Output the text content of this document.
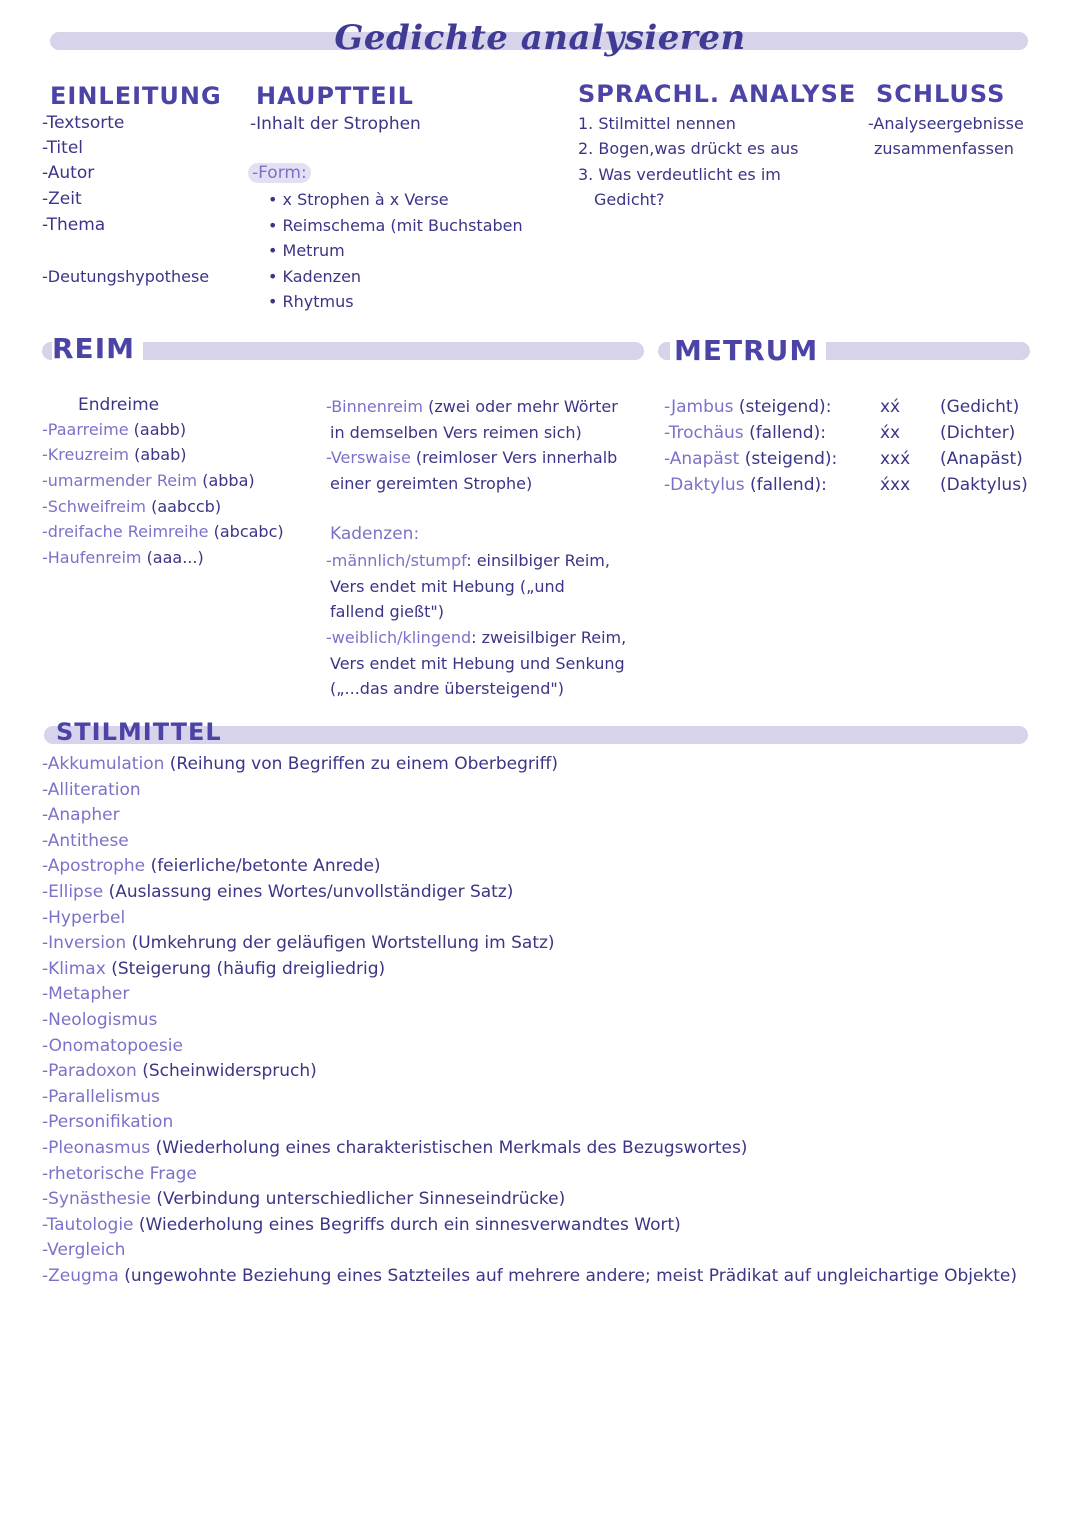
Gedichte analysieren
EINLEITUNG
-Textsorte
-Titel
-Autor
-Zeit
-Thema
-Deutungshypothese
HAUPTTEIL
-Inhalt der Strophen
-Form:
• x Strophen à x Verse
• Reimschema (mit Buchstaben
• Metrum
• Kadenzen
• Rhytmus
SPRACHL. ANALYSE
1. Stilmittel nennen
2. Bogen,was drückt es aus
3. Was verdeutlicht es im
Gedicht?
SCHLUSS
-Analyseergebnisse
zusammenfassen
REIM	METRUM
Endreime
-Paarreime (aabb)
-Kreuzreim (abab)
-umarmender Reim (abba)
-Schweifreim (aabccb)
-dreifache Reimreihe (abcabc)
-Haufenreim (aaa...)
-Binnenreim (zwei oder mehr Wörter
in demselben Vers reimen sich)
-Verswaise (reimloser Vers innerhalb
einer gereimten Strophe)
Kadenzen:
-männlich/stumpf: einsilbiger Reim,
Vers endet mit Hebung („und
fallend gießt")
-weiblich/klingend: zweisilbiger Reim,
Vers endet mit Hebung und Senkung
(„...das andre übersteigend")
-Jambus (steigend):	xx́ (Gedicht)
-Trochäus (fallend):	x́x (Dichter)
-Anapäst (steigend):	xxx́ (Anapäst)
-Daktylus (fallend):	x́xx (Daktylus)
STILMITTEL
-Akkumulation (Reihung von Begriffen zu einem Oberbegriff)
-Alliteration
-Anapher
-Antithese
-Apostrophe (feierliche/betonte Anrede)
-Ellipse (Auslassung eines Wortes/unvollständiger Satz)
-Hyperbel
-Inversion (Umkehrung der geläufigen Wortstellung im Satz)
-Klimax (Steigerung (häufig dreigliedrig)
-Metapher
-Neologismus
-Onomatopoesie
-Paradoxon (Scheinwiderspruch)
-Parallelismus
-Personifikation
-Pleonasmus (Wiederholung eines charakteristischen Merkmals des Bezugswortes)
-rhetorische Frage
-Synästhesie (Verbindung unterschiedlicher Sinneseindrücke)
-Tautologie (Wiederholung eines Begriffs durch ein sinnesverwandtes Wort)
-Vergleich
-Zeugma (ungewohnte Beziehung eines Satzteiles auf mehrere andere; meist Prädikat auf ungleichartige Objekte)
